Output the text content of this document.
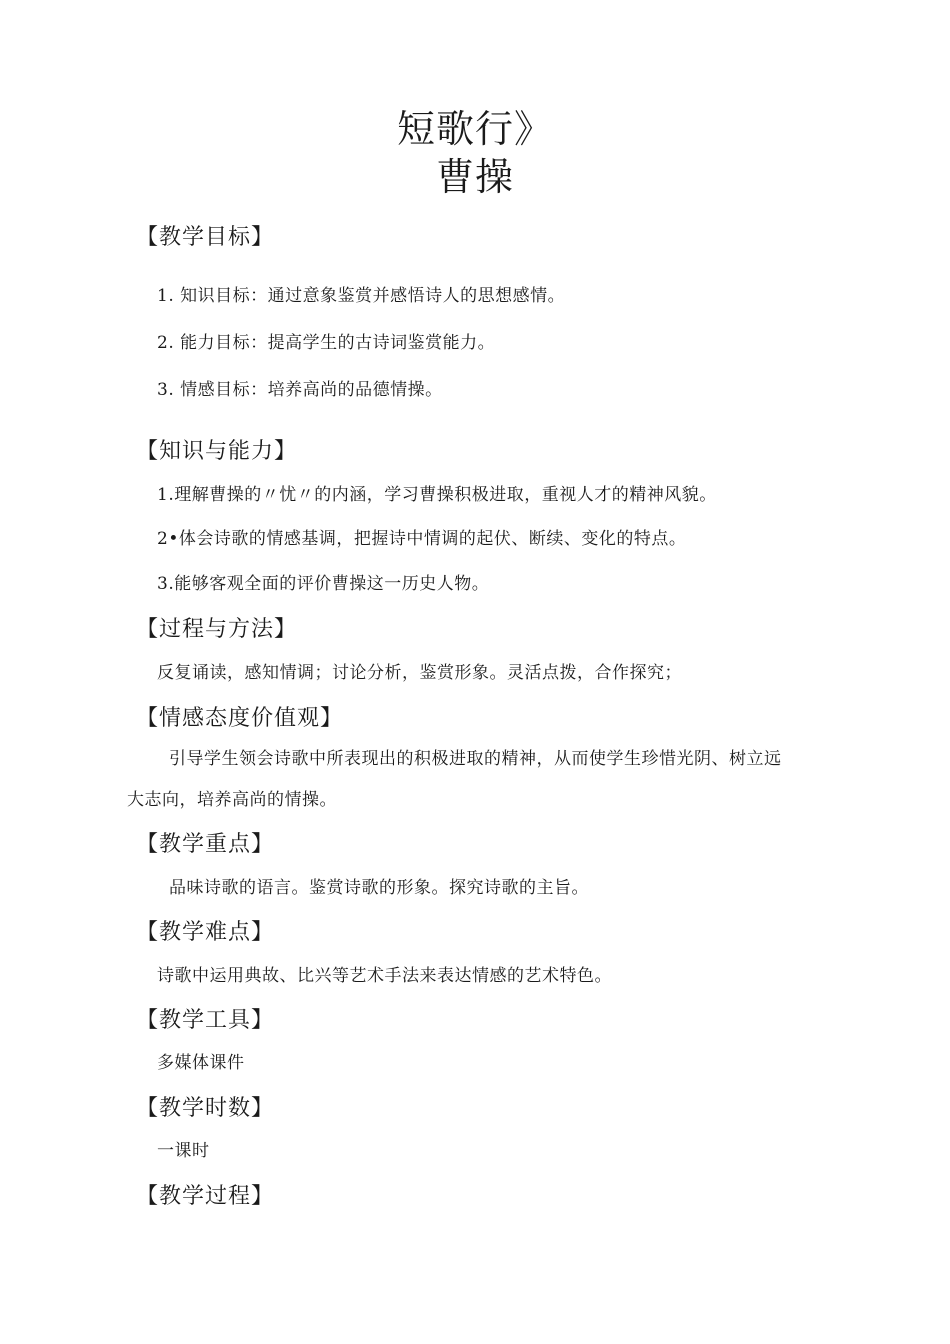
短歌行》
曹操
【教学目标】
1. 知识目标：通过意象鉴赏并感悟诗人的思想感情。
2. 能力目标：提高学生的古诗词鉴赏能力。
3. 情感目标：培养高尚的品德情操。
【知识与能力】
1.理解曹操的〃忧〃的内涵，学习曹操积极进取，重视人才的精神风貌。
2•体会诗歌的情感基调，把握诗中情调的起伏、断续、变化的特点。
3.能够客观全面的评价曹操这一历史人物。
【过程与方法】
反复诵读，感知情调；讨论分析，鉴赏形象。灵活点拨，合作探究；
【情感态度价值观】
引导学生领会诗歌中所表现出的积极进取的精神，从而使学生珍惜光阴、树立远
大志向，培养高尚的情操。
【教学重点】
品味诗歌的语言。鉴赏诗歌的形象。探究诗歌的主旨。
【教学难点】
诗歌中运用典故、比兴等艺术手法来表达情感的艺术特色。
【教学工具】
多媒体课件
【教学时数】
一课时
【教学过程】
